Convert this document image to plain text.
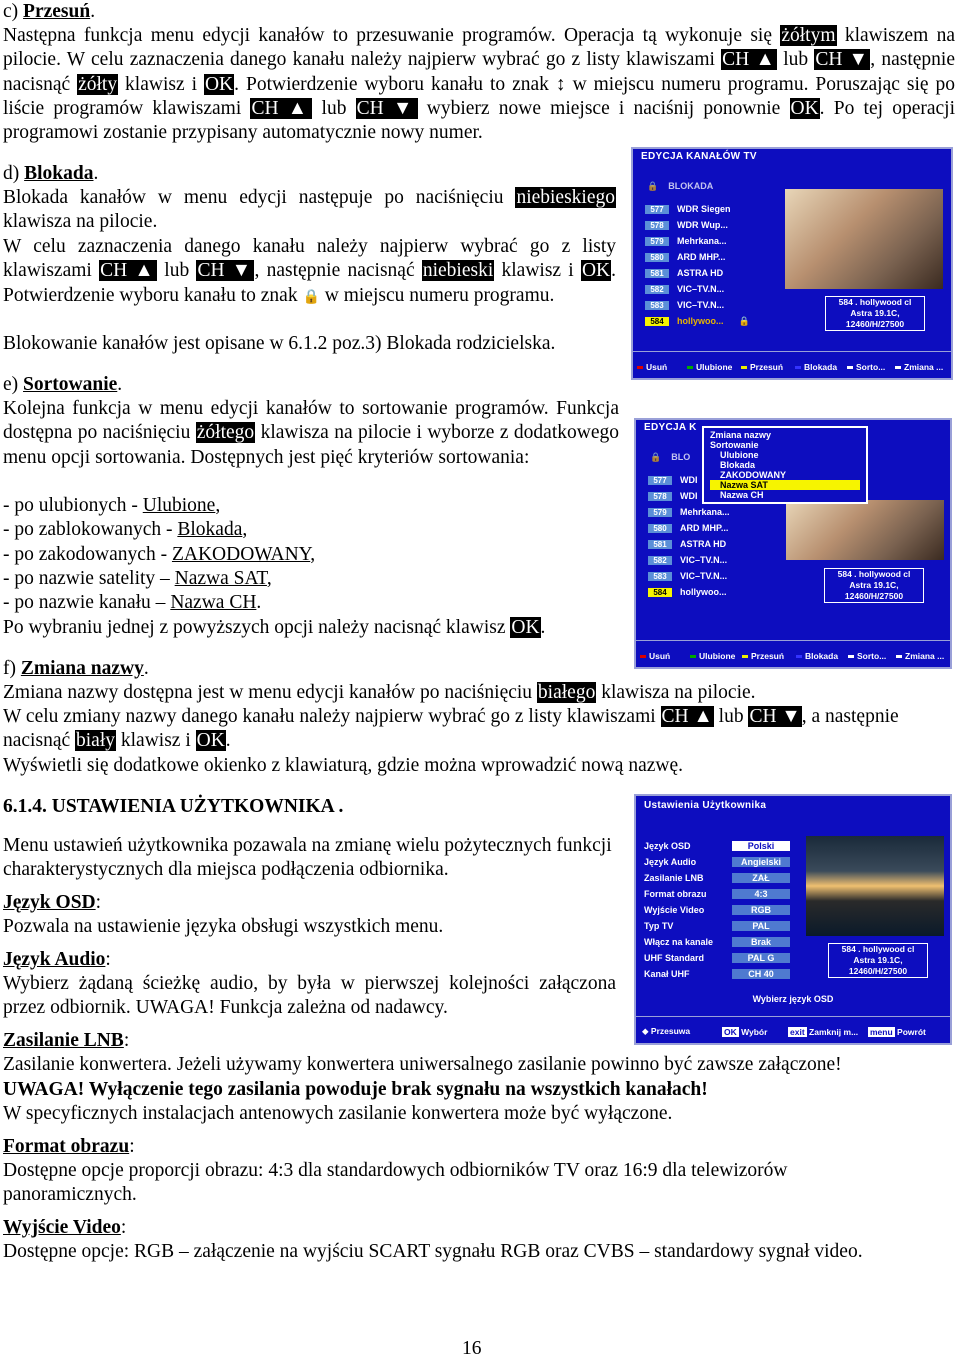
c) Przesuń.
Następna funkcja menu edycji kanałów to przesuwanie programów. Operacja tą wykonuje się żółtym klawiszem na pilocie. W celu zaznaczenia danego kanału należy najpierw wybrać go z listy klawiszami CH ▲ lub CH ▼, następnie nacisnąć żółty klawisz i OK. Potwierdzenie wyboru kanału to znak ↕ w miejscu numeru programu. Poruszając się po liście programów klawiszami CH ▲ lub CH ▼ wybierz nowe miejsce i naciśnij ponownie OK. Po tej operacji programowi zostanie przypisany automatycznie nowy numer.
d) Blokada.
Blokada kanałów w menu edycji następuje po naciśnięciu niebieskiego klawisza na pilocie.
W celu zaznaczenia danego kanału należy najpierw wybrać go z listy klawiszami CH ▲ lub CH ▼, następnie nacisnąć niebieski klawisz i OK. Potwierdzenie wyboru kanału to znak 🔒 w miejscu numeru programu.
Blokowanie kanałów jest opisane w 6.1.2 poz.3) Blokada rodzicielska.
e) Sortowanie.
Kolejna funkcja w menu edycji kanałów to sortowanie programów. Funkcja dostępna po naciśnięciu żółtego klawisza na pilocie i wyborze z dodatkowego menu opcji sortowania. Dostępnych jest pięć kryteriów sortowania:
- po ulubionych - Ulubione,
- po zablokowanych - Blokada,
- po zakodowanych - ZAKODOWANY,
- po nazwie satelity – Nazwa SAT,
- po nazwie kanału – Nazwa CH.
Po wybraniu jednej z powyższych opcji należy nacisnąć klawisz OK.
f) Zmiana nazwy.
Zmiana nazwy dostępna jest w menu edycji kanałów po naciśnięciu białego klawisza na pilocie.
W celu zmiany nazwy danego kanału należy najpierw wybrać go z listy klawiszami CH ▲ lub CH ▼, a następnie nacisnąć biały klawisz i OK.
Wyświetli się dodatkowe okienko z klawiaturą, gdzie można wprowadzić nową nazwę.
6.1.4. USTAWIENIA UŻYTKOWNIKA .
Menu ustawień użytkownika pozawala na zmianę wielu pożytecznych funkcji charakterystycznych dla miejsca podłączenia odbiornika.
Język OSD:
Pozwala na ustawienie języka obsługi wszystkich menu.
Język Audio:
Wybierz żądaną ścieżkę audio, by była w pierwszej kolejności załączona przez odbiornik. UWAGA! Funkcja zależna od nadawcy.
Zasilanie LNB:
Zasilanie konwertera. Jeżeli używamy konwertera uniwersalnego zasilanie powinno być zawsze załączone!
UWAGA! Wyłączenie tego zasilania powoduje brak sygnału na wszystkich kanałach!
W specyficznych instalacjach antenowych zasilanie konwertera może być wyłączone.
Format obrazu:
Dostępne opcje proporcji obrazu: 4:3 dla standardowych odbiorników TV oraz 16:9 dla telewizorów panoramicznych.
Wyjście Video:
Dostępne opcje: RGB – załączenie na wyjściu SCART sygnału RGB oraz CVBS – standardowy sygnał video.
16
EDYCJA KANAŁÓW TV
🔒 BLOKADA
577 WDR Siegen
578 WDR Wup...
579 Mehrkana...
580 ARD MHP...
581 ASTRA HD
582 VIC–TV.N...
583 VIC–TV.N...
584 hollywoo... 🔒
584 . hollywood cl
Astra 19.1C,
12460/H/27500
Usuń	Ulubione	Przesuń	Blokada	Sorto...	Zmiana ...
EDYCJA K
🔒 BLO
577 WDI
578 WDI
579 Mehrkana...
580 ARD MHP...
581 ASTRA HD
582 VIC–TV.N...
583 VIC–TV.N...
584 hollywoo...
Zmiana nazwy
Sortowanie
Ulubione
Blokada
ZAKODOWANY
Nazwa SAT
Nazwa CH
584 . hollywood cl
Astra 19.1C,
12460/H/27500
Usuń	Ulubione	Przesuń	Blokada	Sorto...	Zmiana ...
Ustawienia Użytkownika
Język OSD	Polski
Język Audio	Angielski
Zasilanie LNB	ZAŁ
Format obrazu	4:3
Wyjście Video	RGB
Typ TV	PAL
Włącz na kanale	Brak
UHF Standard	PAL G
Kanał UHF	CH 40
584 . hollywood cl
Astra 19.1C,
12460/H/27500
Wybierz język OSD
◆ Przesuwa	OK Wybór	exit Zamknij m... menu Powrót
